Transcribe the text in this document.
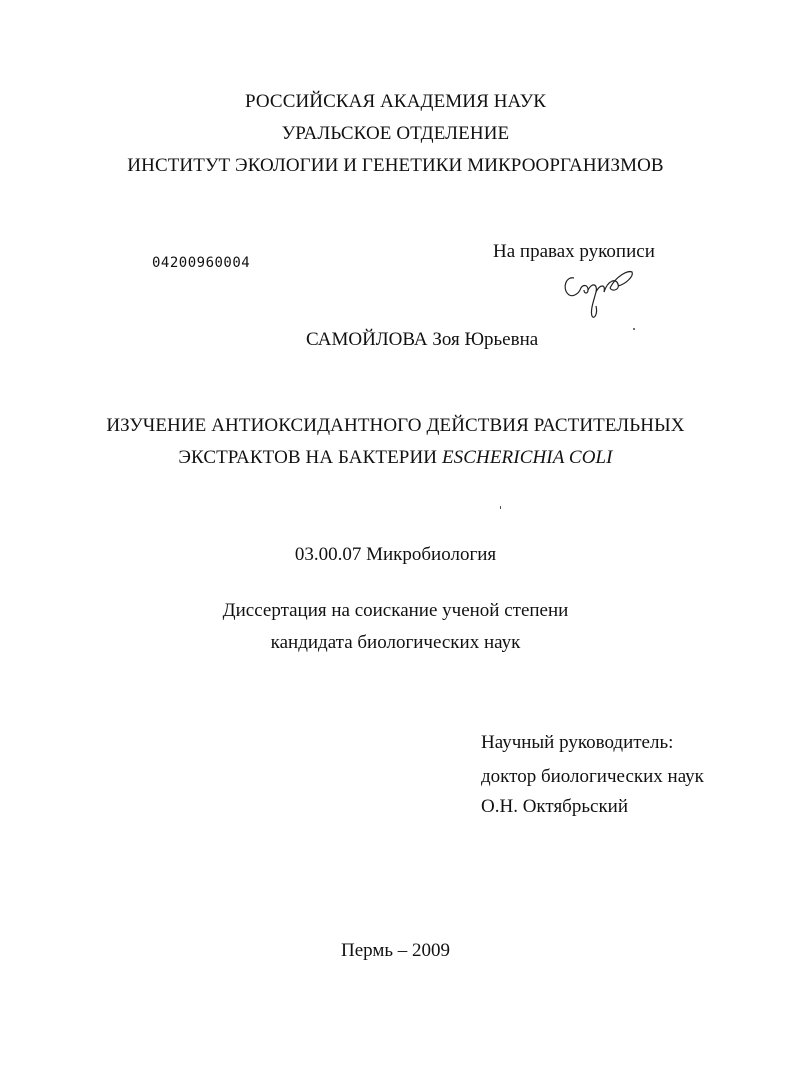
РОССИЙСКАЯ АКАДЕМИЯ НАУК
УРАЛЬСКОЕ ОТДЕЛЕНИЕ
ИНСТИТУТ ЭКОЛОГИИ И ГЕНЕТИКИ МИКРООРГАНИЗМОВ
04200960004
На правах рукописи
САМОЙЛОВА Зоя Юрьевна
ИЗУЧЕНИЕ АНТИОКСИДАНТНОГО ДЕЙСТВИЯ РАСТИТЕЛЬНЫХ
ЭКСТРАКТОВ НА БАКТЕРИИ ESCHERICHIA COLI
03.00.07 Микробиология
Диссертация на соискание ученой степени
кандидата биологических наук
Научный руководитель:
доктор биологических наук
О.Н. Октябрьский
Пермь – 2009
